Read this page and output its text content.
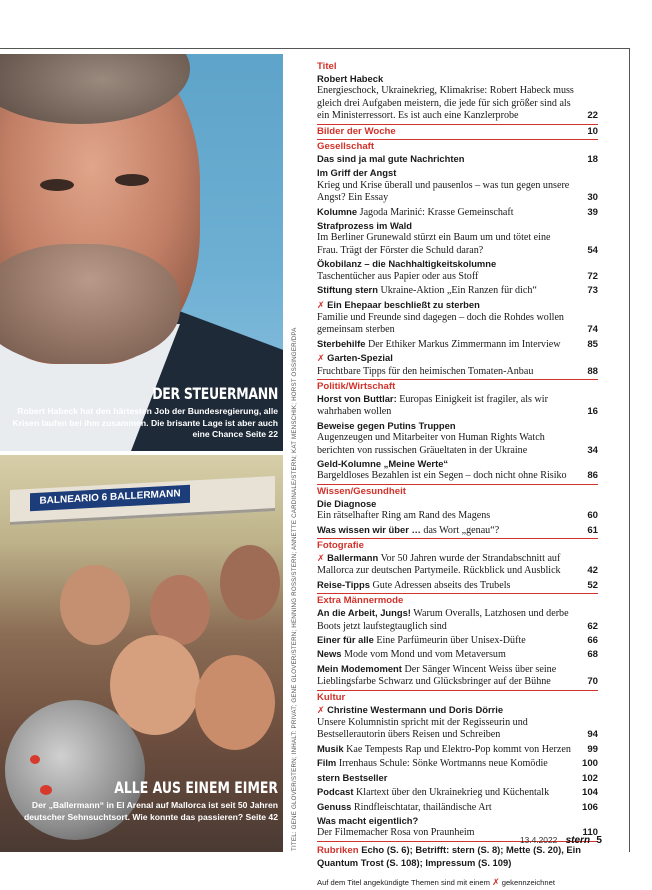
DER STEUERMANN
Robert Habeck hat den härtesten Job der Bundesregierung, alle Krisen laufen bei ihm zusammen. Die brisante Lage ist aber auch eine Chance Seite 22
BALNEARIO 6 BALLERMANN
ALLE AUS EINEM EIMER
Der „Ballermann“ in El Arenal auf Mallorca ist seit 50 Jahren deutscher Sehnsuchtsort. Wie konnte das passieren? Seite 42 TITEL: GENE GLOVER/STERN; INHALT: PRIVAT; GENE GLOVER/STERN; HENNING ROSS/STERN; ANNETTE CARDINALE/STERN; KAT MENSCHIK; HORST OSSINGER/DPA
Titel
Robert Habeck
Energieschock, Ukrainekrieg, Klimakrise: Robert Habeck muss gleich drei Aufgaben meistern, die jede für sich größer sind als ein Ministerressort. Es ist auch eine Kanzlerprobe	22
Bilder der Woche	10
Gesellschaft
Das sind ja mal gute Nachrichten	18
Im Griff der Angst
Krieg und Krise überall und pausenlos – was tun gegen unsere Angst? Ein Essay	30
Kolumne Jagoda Marinić: Krasse Gemeinschaft	39
Strafprozess im Wald
Im Berliner Grunewald stürzt ein Baum um und tötet eine Frau. Trägt der Förster die Schuld daran?	54
Ökobilanz – die Nachhaltigkeitskolumne
Taschentücher aus Papier oder aus Stoff	72
Stiftung stern Ukraine-Aktion „Ein Ranzen für dich“	73
✗ Ein Ehepaar beschließt zu sterben
Familie und Freunde sind dagegen – doch die Rohdes wollen gemeinsam sterben	74
Sterbehilfe Der Ethiker Markus Zimmermann im Interview	85
✗ Garten-Spezial
Fruchtbare Tipps für den heimischen Tomaten-Anbau	88
Politik/Wirtschaft
Horst von Buttlar: Europas Einigkeit ist fragiler, als wir wahrhaben wollen	16
Beweise gegen Putins Truppen
Augenzeugen und Mitarbeiter von Human Rights Watch berichten von russischen Gräueltaten in der Ukraine	34
Geld-Kolumne „Meine Werte“
Bargeldloses Bezahlen ist ein Segen – doch nicht ohne Risiko 86
Wissen/Gesundheit
Die Diagnose
Ein rätselhafter Ring am Rand des Magens	60
Was wissen wir über … das Wort „genau“?	61
Fotografie
✗ Ballermann Vor 50 Jahren wurde der Strandabschnitt auf Mallorca zur deutschen Partymeile. Rückblick und Ausblick	42
Reise-Tipps Gute Adressen abseits des Trubels	52
Extra Männermode
An die Arbeit, Jungs! Warum Overalls, Latzhosen und derbe Boots jetzt laufstegtauglich sind	62
Einer für alle Eine Parfümeurin über Unisex-Düfte	66
News Mode vom Mond und vom Metaversum	68
Mein Modemoment Der Sänger Wincent Weiss über seine Lieblingsfarbe Schwarz und Glücksbringer auf der Bühne	70
Kultur
✗ Christine Westermann und Doris Dörrie
Unsere Kolumnistin spricht mit der Regisseurin und Bestsellerautorin übers Reisen und Schreiben	94
Musik Kae Tempests Rap und Elektro-Pop kommt von Herzen 99
Film Irrenhaus Schule: Sönke Wortmanns neue Komödie	100
stern Bestseller	102
Podcast Klartext über den Ukrainekrieg und Küchentalk	104
Genuss Rindfleischtatar, thailändische Art	106
Was macht eigentlich?
Der Filmemacher Rosa von Praunheim	110
Rubriken Echo (S. 6); Betrifft: stern (S. 8); Mette (S. 20), Ein Quantum Trost (S. 108); Impressum (S. 109)
Auf dem Titel angekündigte Themen sind mit einem ✗ gekennzeichnet
13.4.2022 stern 5
